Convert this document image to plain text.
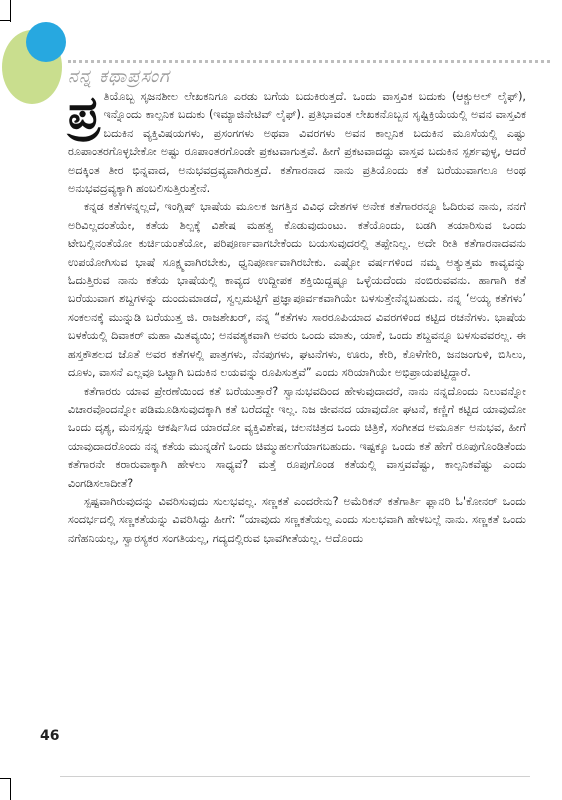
ನನ್ನ ಕಥಾಪ್ರಸಂಗ

ಪ್ರ ತಿಯೊಬ್ಬ ಸೃಜನಶೀಲ ಲೇಖಕನಿಗೂ ಎರಡು ಬಗೆಯ ಬದುಕಿರುತ್ತದೆ. ಒಂದು ವಾಸ್ತವಿಕ ಬದುಕು (ಆಕ್ಚುಅಲ್ ಲೈಫ್), ಇನ್ನೊಂದು ಕಾಲ್ಪನಿಕ ಬದುಕು (ಇಮ್ಯಾಜಿನೇಟಿವ್ ಲೈಫ್). ಪ್ರತಿಭಾವಂತ ಲೇಖಕನೊಬ್ಬನ ಸೃಷ್ಟಿಕ್ರಿಯೆಯಲ್ಲಿ ಅವನ ವಾಸ್ತವಿಕ ಬದುಕಿನ ವ್ಯಕ್ತಿವಿಷಯಗಳು, ಪ್ರಸಂಗಗಳು ಅಥವಾ ವಿವರಗಳು ಅವನ ಕಾಲ್ಪನಿಕ ಬದುಕಿನ ಮೂಸೆಯಲ್ಲಿ ಎಷ್ಟು ರೂಪಾಂತರಗೊಳ್ಳಬೇಕೋ ಅಷ್ಟು ರೂಪಾಂತರಗೊಂಡೇ ಪ್ರಕಟವಾಗುತ್ತವೆ. ಹೀಗೆ ಪ್ರಕಟವಾದದ್ದು ವಾಸ್ತವ ಬದುಕಿನ ಸ್ಪರ್ಶವುಳ್ಳ, ಆದರೆ ಅದಕ್ಕಿಂತ ತೀರ ಭಿನ್ನವಾದ, ಅನುಭವದ್ರವ್ಯವಾಗಿರುತ್ತದೆ. ಕತೆಗಾರನಾದ ನಾನು ಪ್ರತಿಯೊಂದು ಕತೆ ಬರೆಯುವಾಗಲೂ ಅಂಥ ಅನುಭವದ್ರವ್ಯಕ್ಕಾಗಿ ಹಂಬಲಿಸುತ್ತಿರುತ್ತೇನೆ.

ಕನ್ನಡ ಕತೆಗಳನ್ನಲ್ಲದೆ, ಇಂಗ್ಲಿಷ್ ಭಾಷೆಯ ಮೂಲಕ ಜಗತ್ತಿನ ವಿವಿಧ ದೇಶಗಳ ಅನೇಕ ಕತೆಗಾರರನ್ನೂ ಓದಿರುವ ನಾನು, ನನಗೆ ಅರಿವಿಲ್ಲದಂತೆಯೇ, ಕತೆಯ ಶಿಲ್ಪಕ್ಕೆ ವಿಶೇಷ ಮಹತ್ವ ಕೊಡುವುದುಂಟು. ಕತೆಯೊಂದು, ಬಡಗಿ ತಯಾರಿಸುವ ಒಂದು ಟೇಬಲ್ಲಿನಂತೆಯೋ ಕುರ್ಚಿಯಂತೆಯೋ, ಪರಿಪೂರ್ಣವಾಗಬೇಕೆಂದು ಬಯಸುವುದರಲ್ಲಿ ತಪ್ಪೇನಿಲ್ಲ. ಅದೇ ರೀತಿ ಕತೆಗಾರನಾದವನು ಉಪಯೋಗಿಸುವ ಭಾಷೆ ಸೂಕ್ಷ್ಮವಾಗಿರಬೇಕು, ಧ್ವನಿಪೂರ್ಣವಾಗಿರಬೇಕು. ಎಷ್ಟೋ ವರ್ಷಗಳಿಂದ ನಮ್ಮ ಅತ್ಯುತ್ತಮ ಕಾವ್ಯವನ್ನು ಓದುತ್ತಿರುವ ನಾನು ಕತೆಯ ಭಾಷೆಯಲ್ಲಿ ಕಾವ್ಯದ ಉದ್ದೀಪಕ ಶಕ್ತಿಯಿದ್ದಷ್ಟೂ ಒಳ್ಳೆಯದೆಂದು ನಂಬಿರುವವನು. ಹಾಗಾಗಿ ಕತೆ ಬರೆಯುವಾಗ ಶಬ್ದಗಳನ್ನು ದುಂದುಮಾಡದೆ, ಸ್ವಲ್ಪಮಟ್ಟಿಗೆ ಪ್ರಜ್ಞಾಪೂರ್ವಕವಾಗಿಯೇ ಬಳಸುತ್ತೇನೆನ್ನಬಹುದು. ನನ್ನ ‘ಅಯ್ಯ ಕತೆಗಳು’ ಸಂಕಲನಕ್ಕೆ ಮುನ್ನುಡಿ ಬರೆಯುತ್ತ ಜಿ. ರಾಜಶೇಖರ್, ನನ್ನ “ಕತೆಗಳು ಸಾರರೂಪಿಯಾದ ವಿವರಗಳಿಂದ ಕಟ್ಟಿದ ರಚನೆಗಳು. ಭಾಷೆಯ ಬಳಕೆಯಲ್ಲಿ ದಿವಾಕರ್ ಮಹಾ ಮಿತವ್ಯಯಿ; ಅನವಶ್ಯಕವಾಗಿ ಅವರು ಒಂದು ಮಾತು, ಯಾಕೆ, ಒಂದು ಶಬ್ದವನ್ನೂ ಬಳಸುವವರಲ್ಲ. ಈ ಹಸ್ತಕೌಶಲದ ಜೊತೆ ಅವರ ಕತೆಗಳಲ್ಲಿ ಪಾತ್ರಗಳು, ನೆನಪುಗಳು, ಘಟನೆಗಳು, ಊರು, ಕೇರಿ, ಕೊಳೆಗೇರಿ, ಜನಜಂಗುಳಿ, ಬಿಸಿಲು, ದೂಳು, ವಾಸನೆ ಎಲ್ಲವೂ ಒಟ್ಟಾಗಿ ಬದುಕಿನ ಲಯವನ್ನು ರೂಪಿಸುತ್ತವೆ” ಎಂದು ಸರಿಯಾಗಿಯೇ ಅಭಿಪ್ರಾಯಪಟ್ಟಿದ್ದಾರೆ.

ಕತೆಗಾರರು ಯಾವ ಪ್ರೇರಣೆಯಿಂದ ಕತೆ ಬರೆಯುತ್ತಾರೆ? ಸ್ವಾನುಭವದಿಂದ ಹೇಳುವುದಾದರೆ, ನಾನು ನನ್ನದೊಂದು ನಿಲುವನ್ನೋ ವಿಚಾರವೊಂದನ್ನೋ ಪಡಿಮೂಡಿಸುವುದಕ್ಕಾಗಿ ಕತೆ ಬರೆದದ್ದೇ ಇಲ್ಲ. ನಿಜ ಜೀವನದ ಯಾವುದೋ ಘಟನೆ, ಕಣ್ಣಿಗೆ ಕಟ್ಟಿದ ಯಾವುದೋ ಒಂದು ದೃಶ್ಯ, ಮನಸ್ಸನ್ನು ಆಕರ್ಷಿಸಿದ ಯಾರದೋ ವ್ಯಕ್ತಿವಿಶೇಷ, ಚಲನಚಿತ್ರದ ಒಂದು ಚಿತ್ರಿಕೆ, ಸಂಗೀತದ ಅಮೂರ್ತ ಅನುಭವ, ಹೀಗೆ ಯಾವುದಾದರೊಂದು ನನ್ನ ಕತೆಯ ಮುನ್ನಡೆಗೆ ಒಂದು ಚಿಮ್ಮುಹಲಗೆಯಾಗಬಹುದು. ಇಷ್ಟಕ್ಕೂ ಒಂದು ಕತೆ ಹೇಗೆ ರೂಪುಗೊಂಡಿತೆಂದು ಕತೆಗಾರನೇ ಕರಾರುವಾಕ್ಕಾಗಿ ಹೇಳಲು ಸಾಧ್ಯವೆ? ಮತ್ತೆ ರೂಪುಗೊಂಡ ಕತೆಯಲ್ಲಿ ವಾಸ್ತವವೆಷ್ಟು, ಕಾಲ್ಪನಿಕವೆಷ್ಟು ಎಂದು ವಿಂಗಡಿಸಲಾದೀತೆ?

ಸ್ಪಷ್ಟವಾಗಿರುವುದನ್ನು ವಿವರಿಸುವುದು ಸುಲಭವಲ್ಲ. ಸಣ್ಣಕತೆ ಎಂದರೇನು? ಅಮೆರಿಕನ್ ಕತೆಗಾರ್ತಿ ಫ್ಲಾನರಿ ಓ'ಕೋನರ್ ಒಂದು ಸಂದರ್ಭದಲ್ಲಿ ಸಣ್ಣಕತೆಯನ್ನು ವಿವರಿಸಿದ್ದು ಹೀಗೆ: “ಯಾವುದು ಸಣ್ಣಕತೆಯಲ್ಲ ಎಂದು ಸುಲಭವಾಗಿ ಹೇಳಬಲ್ಲೆ ನಾನು. ಸಣ್ಣಕತೆ ಒಂದು ನಗೆಹನಿಯಲ್ಲ, ಸ್ವಾರಸ್ಯಕರ ಸಂಗತಿಯಲ್ಲ, ಗದ್ಯದಲ್ಲಿರುವ ಭಾವಗೀತೆಯಲ್ಲ. ಅದೊಂದು

46
